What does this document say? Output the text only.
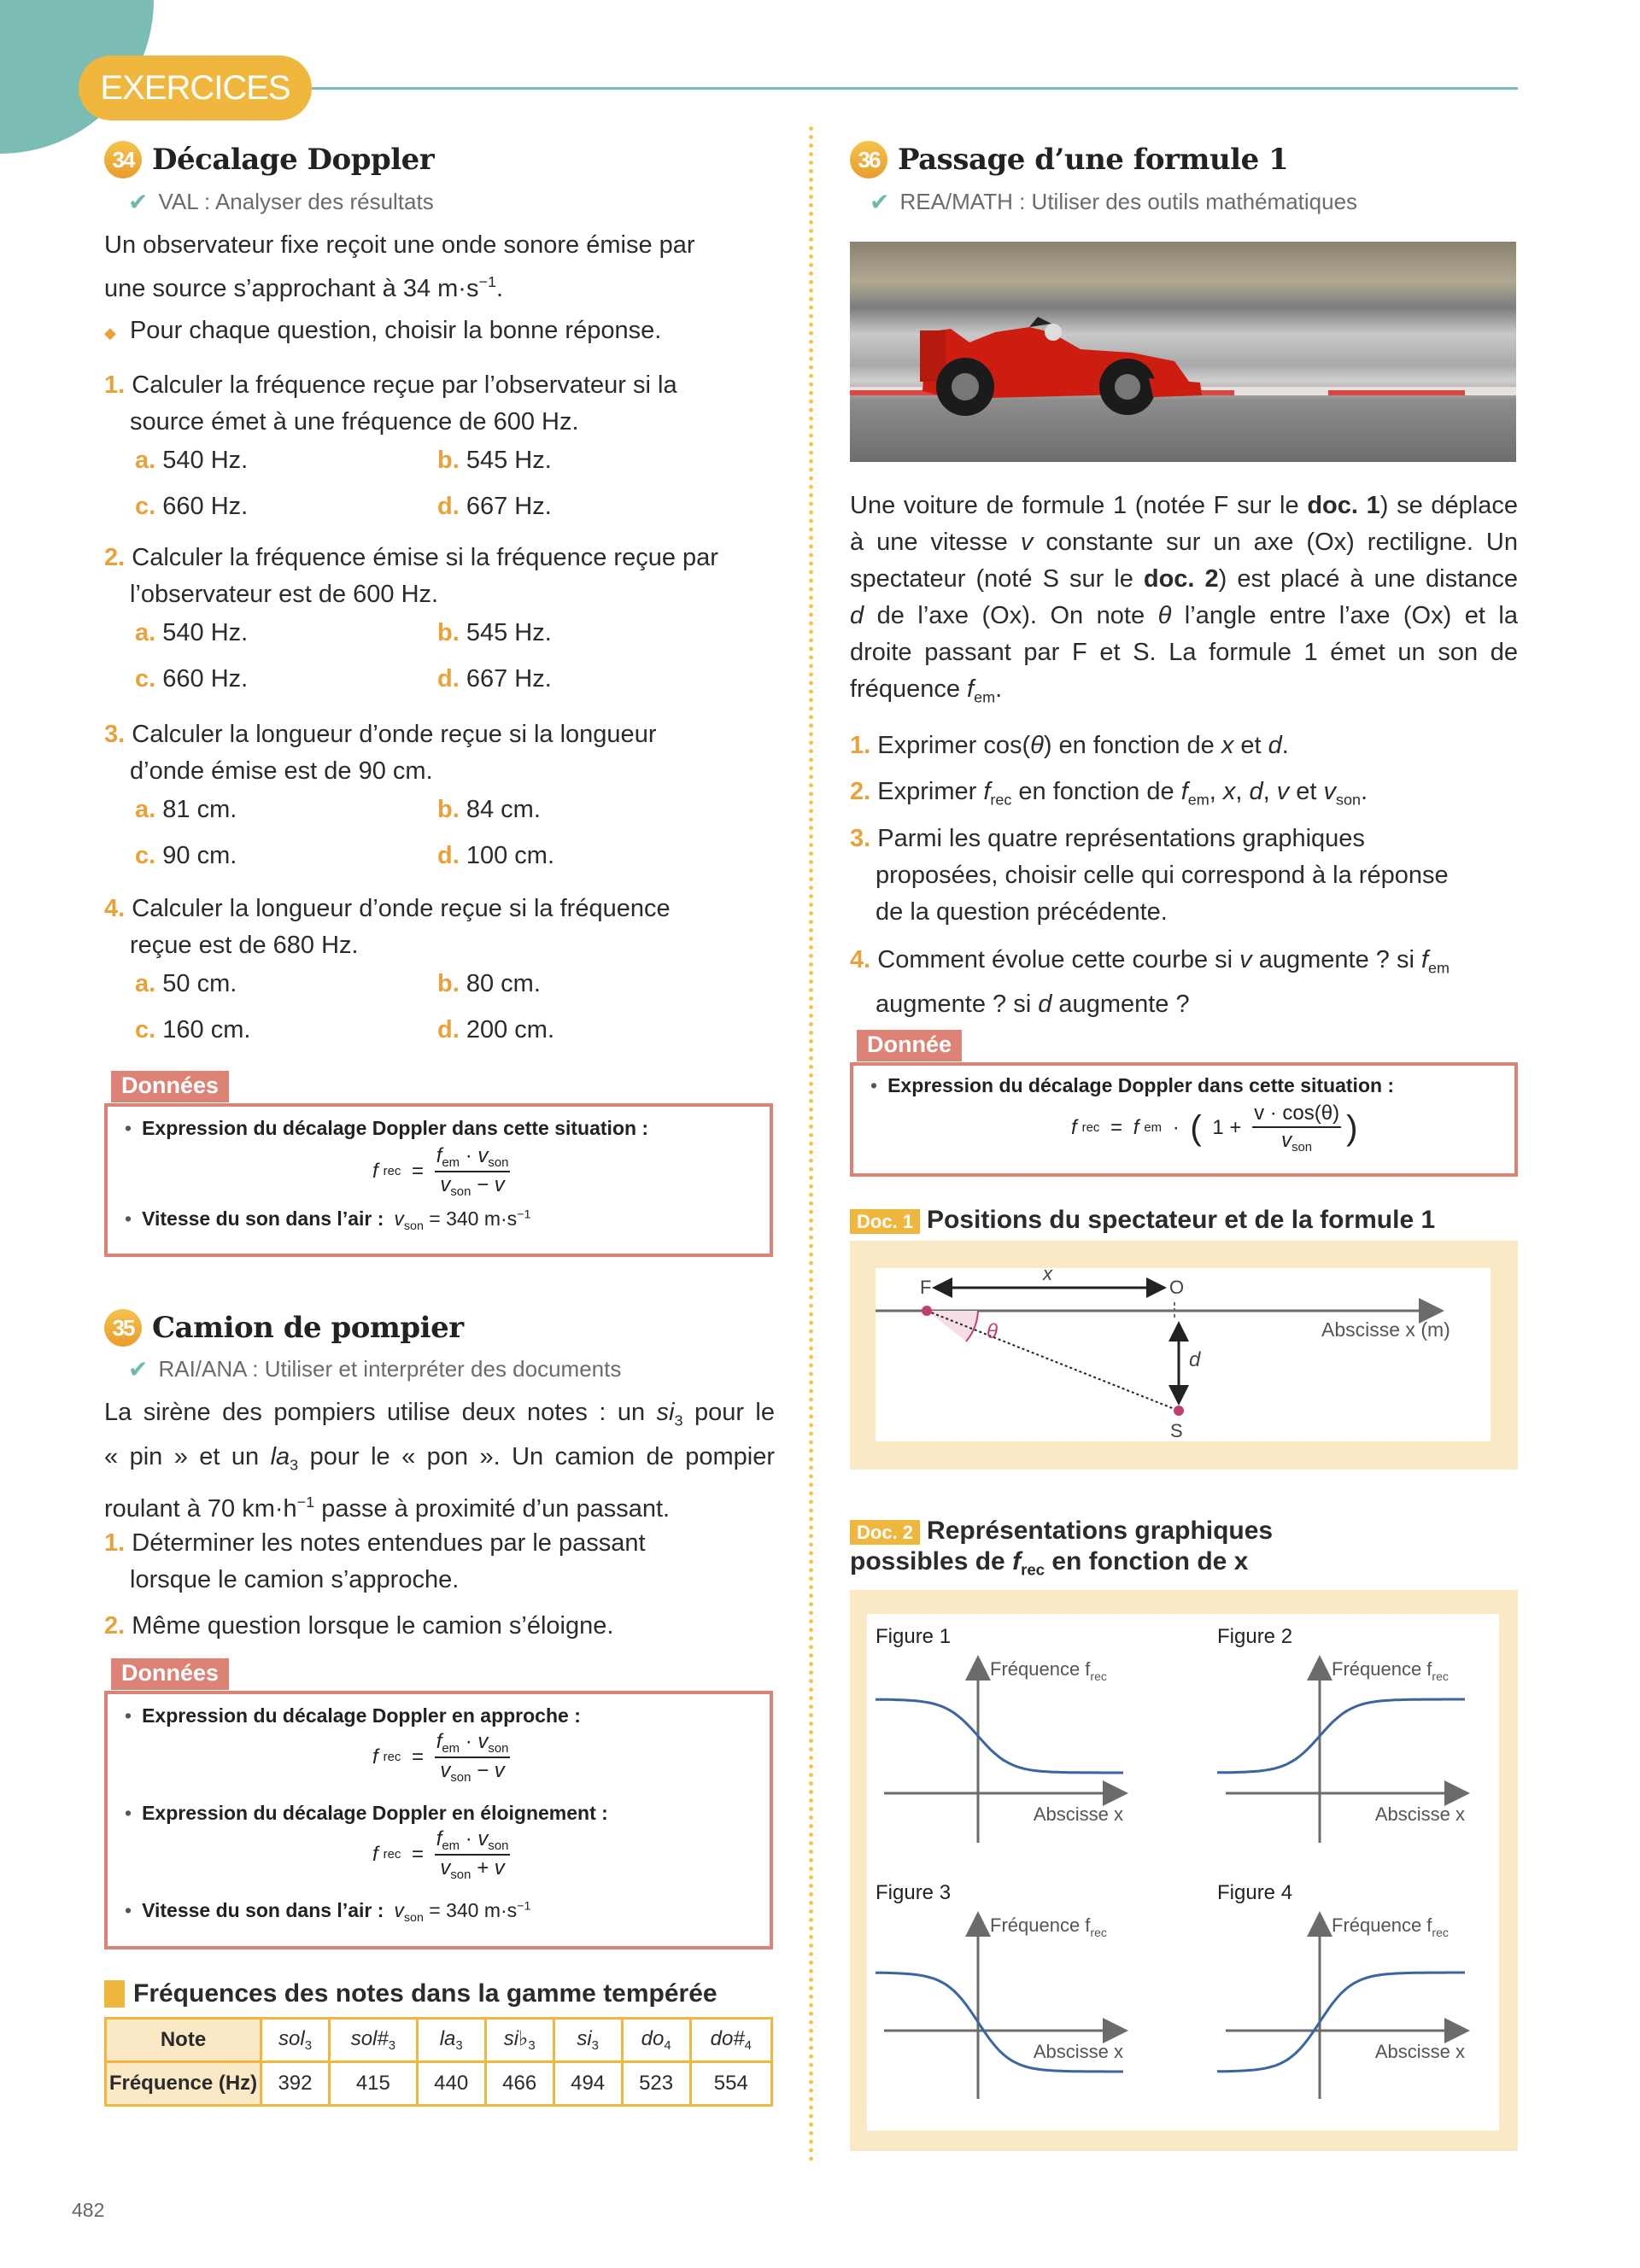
EXERCICES
34 Décalage Doppler
✔ VAL : Analyser des résultats
Un observateur fixe reçoit une onde sonore émise par
une source s’approchant à 34 $m\cdot s^{-1}$.
◆ Pour chaque question, choisir la bonne réponse.
1. Calculer la fréquence reçue par l’observateur si la
source émet à une fréquence de 600 Hz.
a. 540 Hz.	b. 545 Hz.
c. 660 Hz.	d. 667 Hz.
2. Calculer la fréquence émise si la fréquence reçue par
l’observateur est de 600 Hz.
a. 540 Hz.	b. 545 Hz.
c. 660 Hz.	d. 667 Hz.
3. Calculer la longueur d’onde reçue si la longueur
d’onde émise est de 90 cm.
a. 81 cm.	b. 84 cm.
c. 90 cm.	d. 100 cm.
4. Calculer la longueur d’onde reçue si la fréquence
reçue est de 680 Hz.
a. 50 cm.	b. 80 cm.
c. 160 cm.	d. 200 cm.
Données
• Expression du décalage Doppler dans cette situation :
f rec = $\frac{f_{em} \cdot v_{son}}{v_{son} - v}$
• Vitesse du son dans l’air : $v_{son} = 340$ $m\cdot s^{-1}$
35 Camion de pompier
✔ RAI/ANA : Utiliser et interpréter des documents
La sirène des pompiers utilise deux notes : un $si_3$ pour le
« pin » et un $la_3$ pour le « pon ». Un camion de pompier
roulant à 70 $km\cdot h^{-1}$ passe à proximité d’un passant.
1. Déterminer les notes entendues par le passant
lorsque le camion s’approche.
2. Même question lorsque le camion s’éloigne.
Données
• Expression du décalage Doppler en approche :
f rec = $\frac{f_{em} \cdot v_{son}}{v_{son} - v}$
• Expression du décalage Doppler en éloignement :
f rec = $\frac{f_{em} \cdot v_{son}}{v_{son} + v}$
• Vitesse du son dans l’air : $v_{son} = 340$ $m\cdot s^{-1}$
Fréquences des notes dans la gamme tempérée
Note	sol$_3$	$sol\#_3$	$la_3$	$si♭_3$	$si_3$	$do_4$	$do\#_4$
Fréquence (Hz)	392	415	440	466	494	523	554
482
36 Passage d’une formule 1
✔ REA/MATH : Utiliser des outils mathématiques
Une voiture de formule 1 (notée F sur le doc. 1) se déplace
à une vitesse v constante sur un axe (Ox) rectiligne. Un
spectateur (noté S sur le doc. 2) est placé à une distance
d de l’axe (Ox). On note θ l’angle entre l’axe (Ox) et la
droite passant par F et S. La formule 1 émet un son de
fréquence $f_{em}$.
1. Exprimer cos(θ) en fonction de x et d.
2. Exprimer $f_{rec}$ en fonction de $f_{em}$, x, d, v et $v_{son}$.
3. Parmi les quatre représentations graphiques
proposées, choisir celle qui correspond à la réponse
de la question précédente.
4. Comment évolue cette courbe si v augmente ? si $f_{em}$
augmente ? si d augmente ?
Donnée
• Expression du décalage Doppler dans cette situation :
f rec = f em · ( $1 + \frac{v \cdot \cos(\theta)}{v_{son}}$ )
Doc. 1 Positions du spectateur et de la formule 1
F	O
x
S
d
θ	Abscisse x (m)
Doc. 2 Représentations graphiques
possibles de $f_{rec}$ en fonction de x
Figure 1
Fréquence $f_{rec}$
Abscisse x
Figure 2
Fréquence $f_{rec}$
Abscisse x
Figure 3
Fréquence $f_{rec}$
Abscisse x
Figure 4
Fréquence $f_{rec}$
Abscisse x
